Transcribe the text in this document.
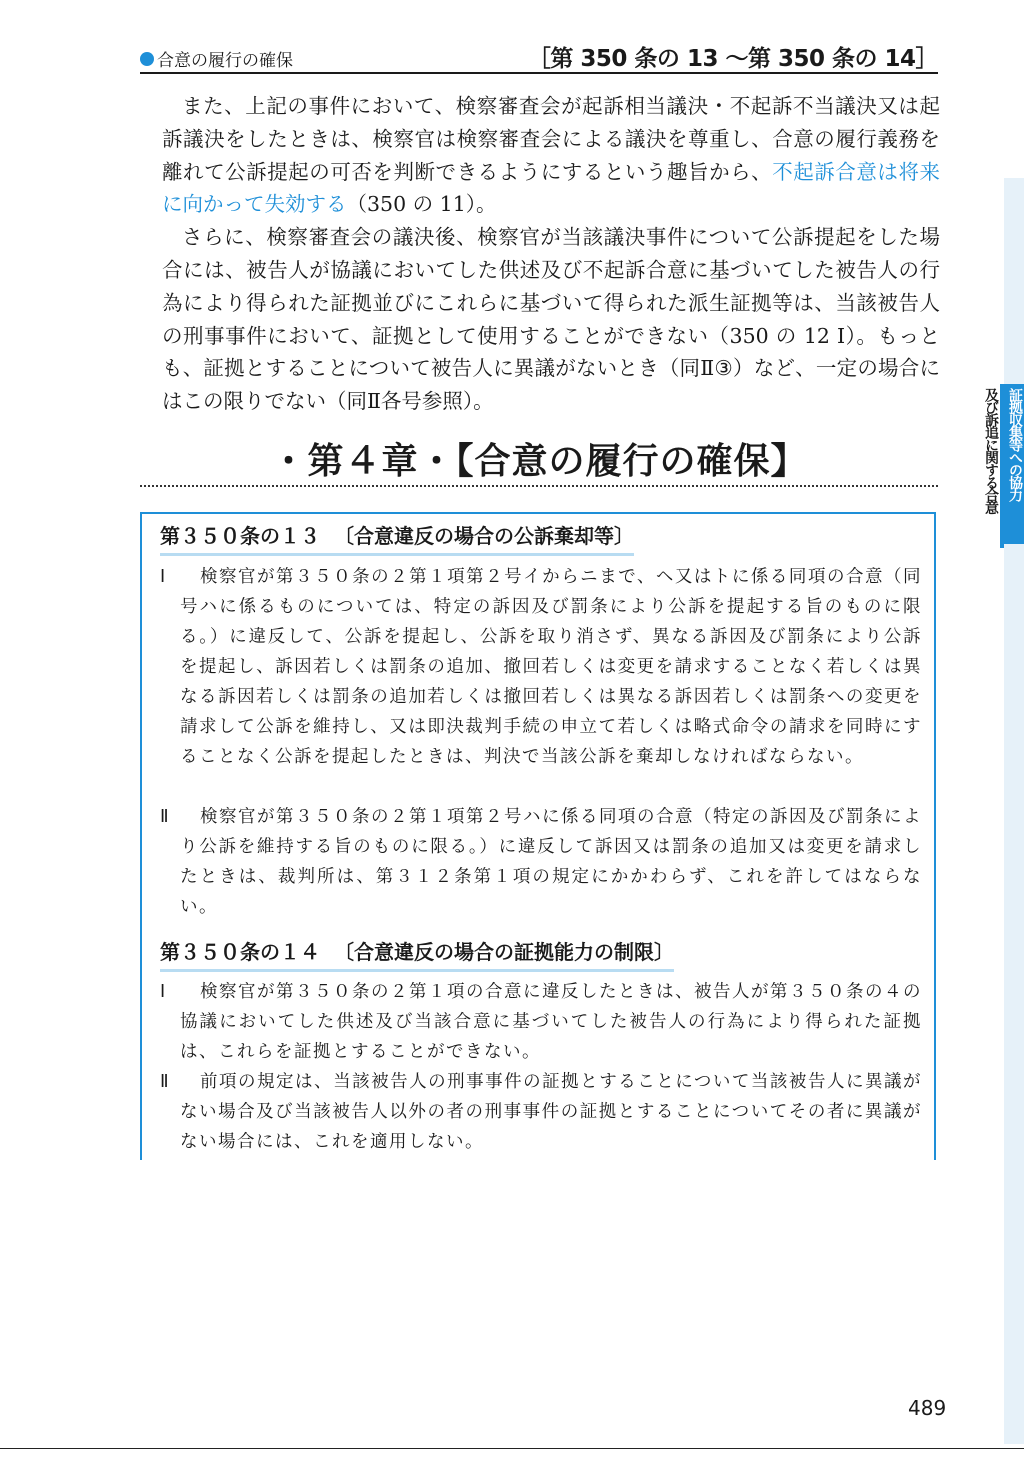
合意の履行の確保	［第 350 条の 13 〜第 350 条の 14］
証拠収集等への協力
及び訴追に関する合意

また、上記の事件において、検察審査会が起訴相当議決・不起訴不当議決又は起訴議決をしたときは、検察官は検察審査会による議決を尊重し、合意の履行義務を離れて公訴提起の可否を判断できるようにするという趣旨から、不起訴合意は将来に向かって失効する（350 の 11）。

さらに、検察審査会の議決後、検察官が当該議決事件について公訴提起をした場合には、被告人が協議においてした供述及び不起訴合意に基づいてした被告人の行為により得られた証拠並びにこれらに基づいて得られた派生証拠等は、当該被告人の刑事事件において、証拠として使用することができない（350 の 12 Ⅰ）。もっとも、証拠とすることについて被告人に異議がないとき（同Ⅱ③）など、一定の場合にはこの限りでない（同Ⅱ各号参照）。

・第４章・【合意の履行の確保】
第３５０条の１３ 〔合意違反の場合の公訴棄却等〕
Ⅰ	検察官が第３５０条の２第１項第２号イからニまで、ヘ又はトに係る同項の合意（同号ハに係るものについては、特定の訴因及び罰条により公訴を提起する旨のものに限る。）に違反して、公訴を提起し、公訴を取り消さず、異なる訴因及び罰条により公訴を提起し、訴因若しくは罰条の追加、撤回若しくは変更を請求することなく若しくは異なる訴因若しくは罰条の追加若しくは撤回若しくは異なる訴因若しくは罰条への変更を請求して公訴を維持し、又は即決裁判手続の申立て若しくは略式命令の請求を同時にすることなく公訴を提起したときは、判決で当該公訴を棄却しなければならない。
Ⅱ	検察官が第３５０条の２第１項第２号ハに係る同項の合意（特定の訴因及び罰条により公訴を維持する旨のものに限る。）に違反して訴因又は罰条の追加又は変更を請求したときは、裁判所は、第３１２条第１項の規定にかかわらず、これを許してはならない。
第３５０条の１４ 〔合意違反の場合の証拠能力の制限〕
Ⅰ	検察官が第３５０条の２第１項の合意に違反したときは、被告人が第３５０条の４の協議においてした供述及び当該合意に基づいてした被告人の行為により得られた証拠は、これらを証拠とすることができない。
Ⅱ	前項の規定は、当該被告人の刑事事件の証拠とすることについて当該被告人に異議がない場合及び当該被告人以外の者の刑事事件の証拠とすることについてその者に異議がない場合には、これを適用しない。
489
